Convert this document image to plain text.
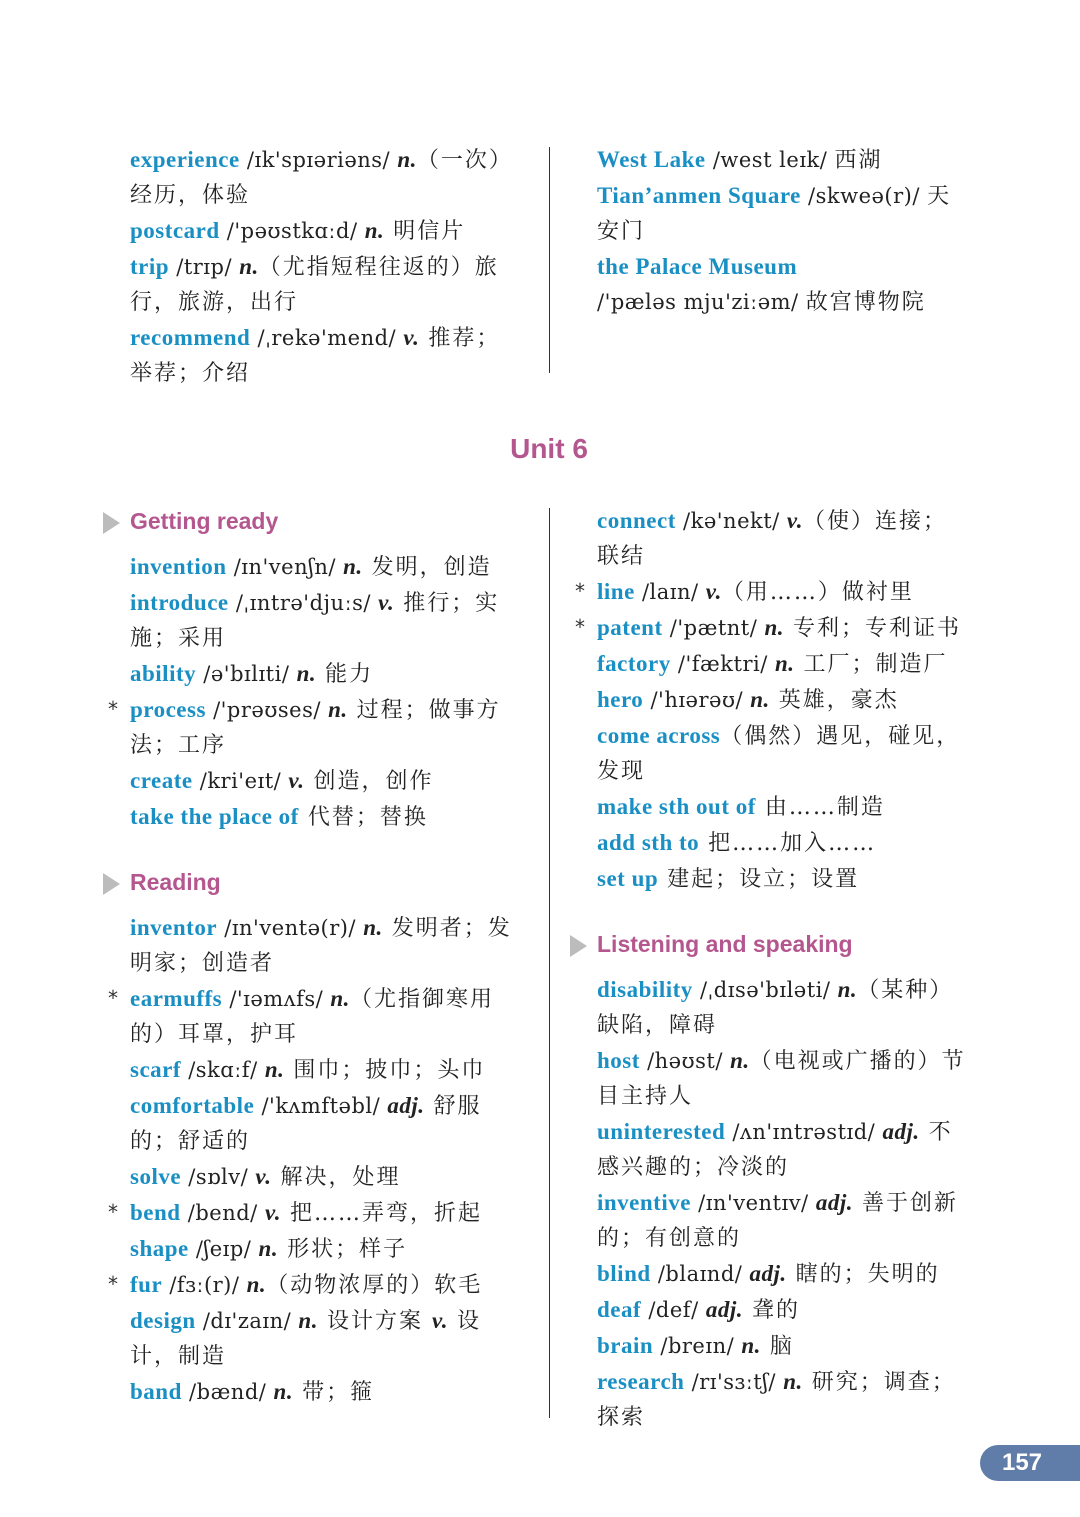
experience /ɪk'spɪəriəns/ n.（一次）经历，体验
postcard /'pəʊstkɑːd/ n. 明信片
trip /trɪp/ n.（尤指短程往返的）旅行，旅游，出行
recommend /ˌrekə'mend/ v. 推荐；举荐；介绍
West Lake /west leɪk/ 西湖
Tian’anmen Square /skweə(r)/ 天安门
the Palace Museum
/'pæləs mju'ziːəm/ 故宫博物院
Unit 6
Getting ready
invention /ɪn'venʃn/ n. 发明，创造
introduce /ˌɪntrə'djuːs/ v. 推行；实施；采用
ability /ə'bɪlɪti/ n. 能力
* process /'prəʊses/ n. 过程；做事方法；工序
create /kri'eɪt/ v. 创造，创作
take the place of 代替；替换
Reading
inventor /ɪn'ventə(r)/ n. 发明者；发明家；创造者
* earmuffs /'ɪəmʌfs/ n.（尤指御寒用的）耳罩，护耳
scarf /skɑːf/ n. 围巾；披巾；头巾
comfortable /'kʌmftəbl/ adj. 舒服的；舒适的
solve /sɒlv/ v. 解决，处理
* bend /bend/ v. 把……弄弯，折起
shape /ʃeɪp/ n. 形状；样子
* fur /fɜː(r)/ n.（动物浓厚的）软毛
design /dɪ'zaɪn/ n. 设计方案 v. 设计，制造
band /bænd/ n. 带；箍
connect /kə'nekt/ v.（使）连接；联结
* line /laɪn/ v.（用……）做衬里
* patent /'pætnt/ n. 专利；专利证书
factory /'fæktri/ n. 工厂；制造厂
hero /'hɪərəʊ/ n. 英雄，豪杰
come across（偶然）遇见，碰见，发现
make sth out of 由……制造
add sth to 把……加入……
set up 建起；设立；设置
Listening and speaking
disability /ˌdɪsə'bɪləti/ n.（某种）缺陷，障碍
host /həʊst/ n.（电视或广播的）节目主持人
uninterested /ʌn'ɪntrəstɪd/ adj. 不感兴趣的；冷淡的
inventive /ɪn'ventɪv/ adj. 善于创新的；有创意的
blind /blaɪnd/ adj. 瞎的；失明的
deaf /def/ adj. 聋的
brain /breɪn/ n. 脑
research /rɪ'sɜːtʃ/ n. 研究；调查；探索
157
